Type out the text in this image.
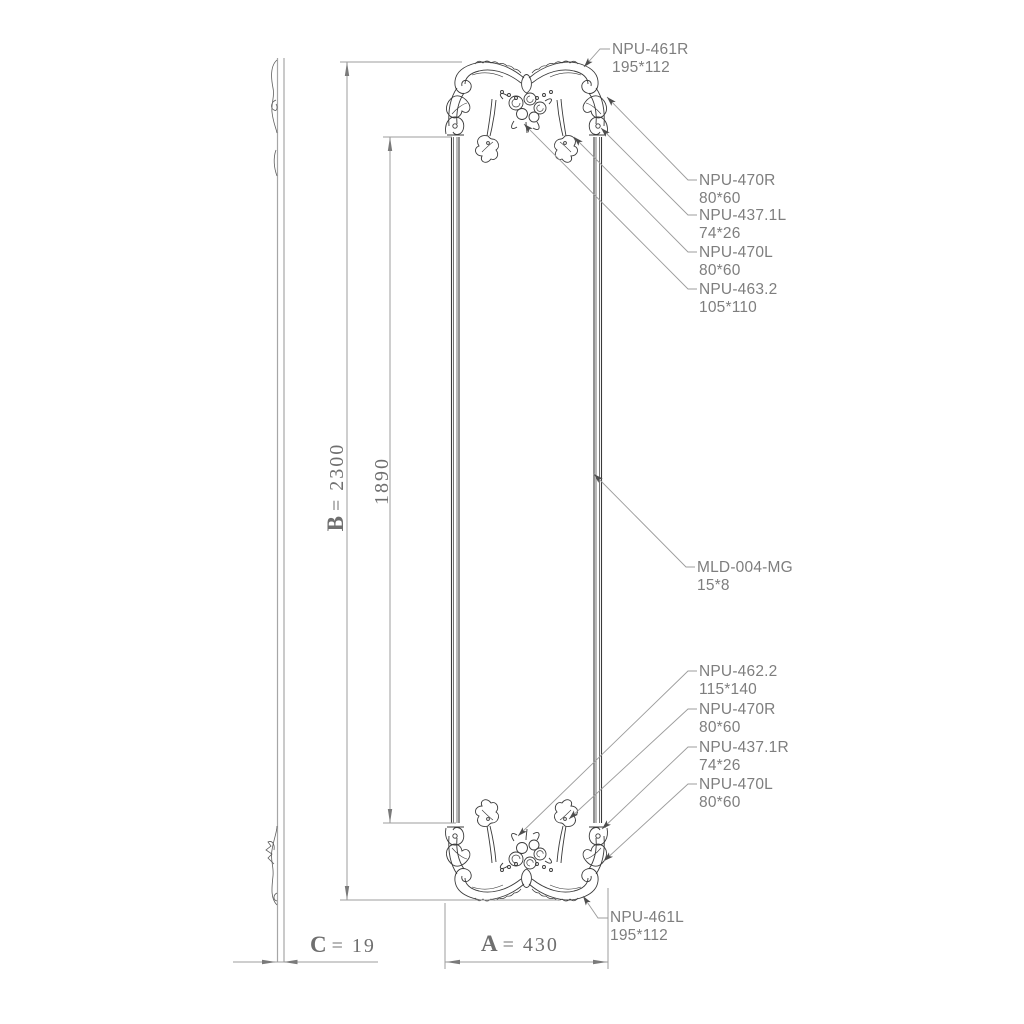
NPU-461R
195*112
NPU-470R
80*60
NPU-437.1L
74*26
NPU-470L
80*60
NPU-463.2
105*110
MLD-004-MG
15*8
NPU-462.2
115*140
NPU-470R
80*60
NPU-437.1R
74*26
NPU-470L
80*60
NPU-461L
195*112
B = 2300 1890
C = 19	A = 430
